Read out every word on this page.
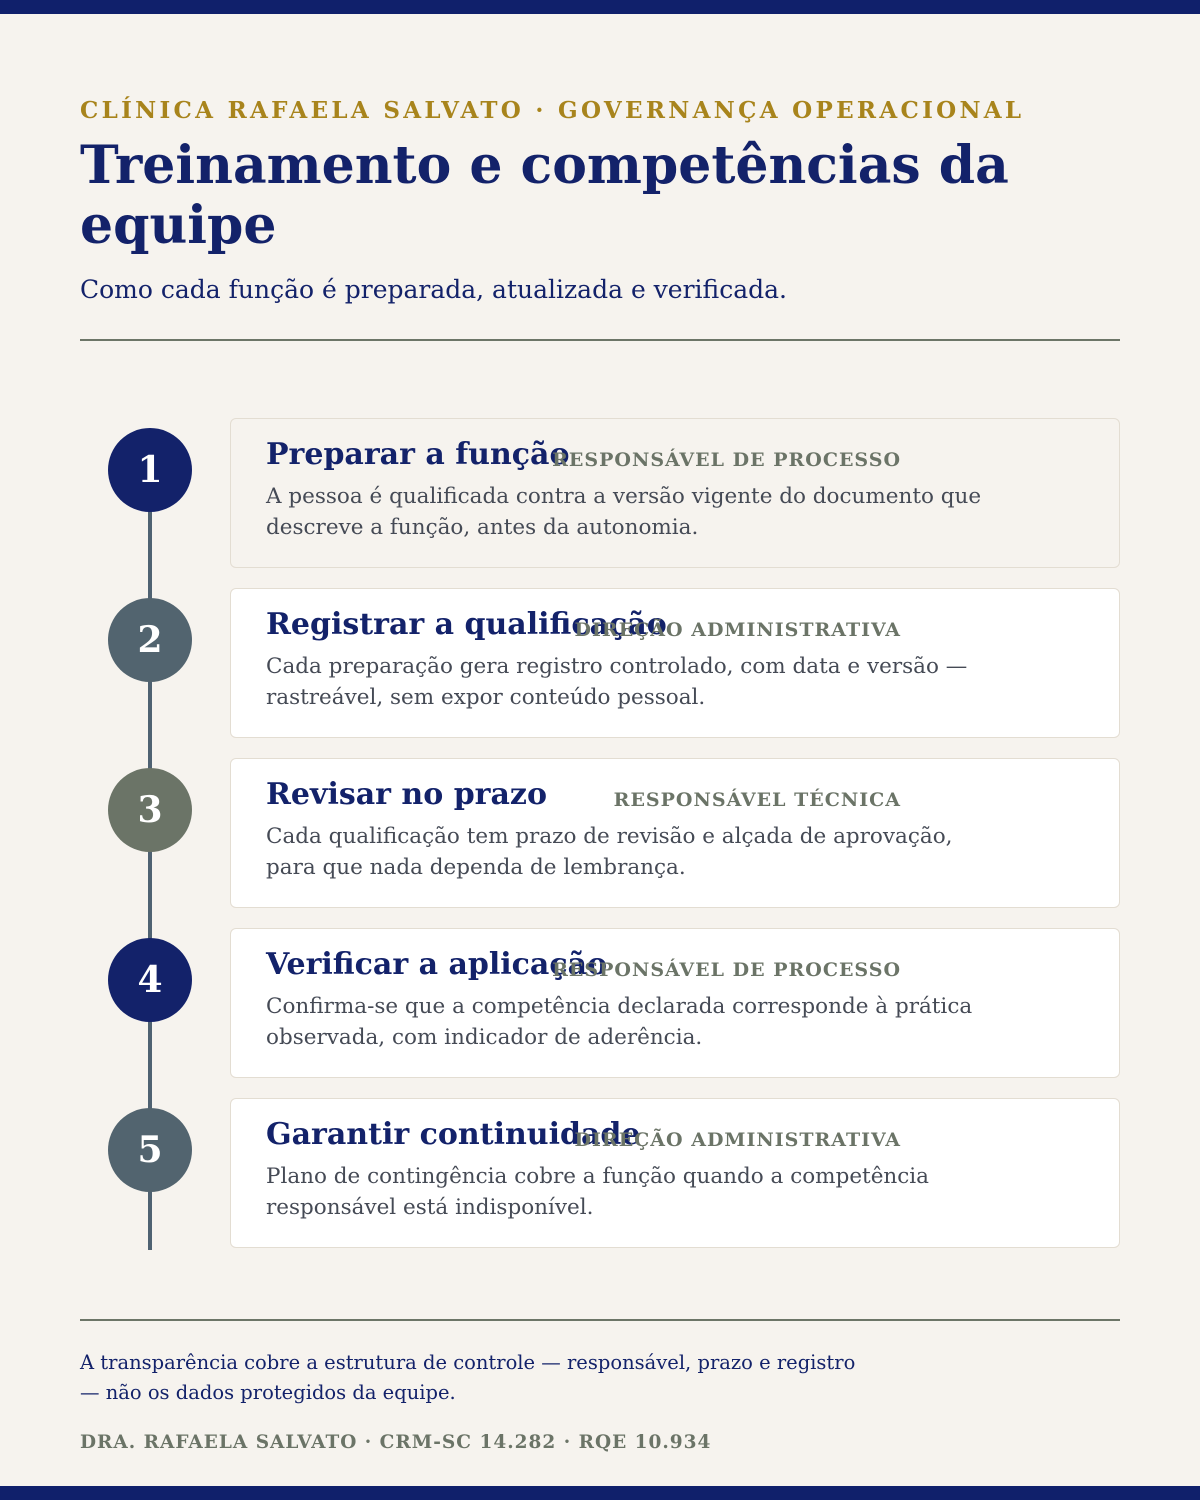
CLÍNICA RAFAELA SALVATO · GOVERNANÇA OPERACIONAL
Treinamento e competências da equipe
Como cada função é preparada, atualizada e verificada.
1	Preparar a função
RESPONSÁVEL DE PROCESSO
A pessoa é qualificada contra a versão vigente do documento que descreve a função, antes da autonomia.
2	Registrar a qualificação
DIREÇÃO ADMINISTRATIVA
Cada preparação gera registro controlado, com data e versão — rastreável, sem expor conteúdo pessoal.
3	Revisar no prazo	RESPONSÁVEL TÉCNICA
Cada qualificação tem prazo de revisão e alçada de aprovação, para que nada dependa de lembrança.
4	Verificar a aplicação
RESPONSÁVEL DE PROCESSO
Confirma-se que a competência declarada corresponde à prática observada, com indicador de aderência.
5	Garantir continuidade
DIREÇÃO ADMINISTRATIVA
Plano de contingência cobre a função quando a competência responsável está indisponível.
A transparência cobre a estrutura de controle — responsável, prazo e registro — não os dados protegidos da equipe.
DRA. RAFAELA SALVATO · CRM-SC 14.282 · RQE 10.934
